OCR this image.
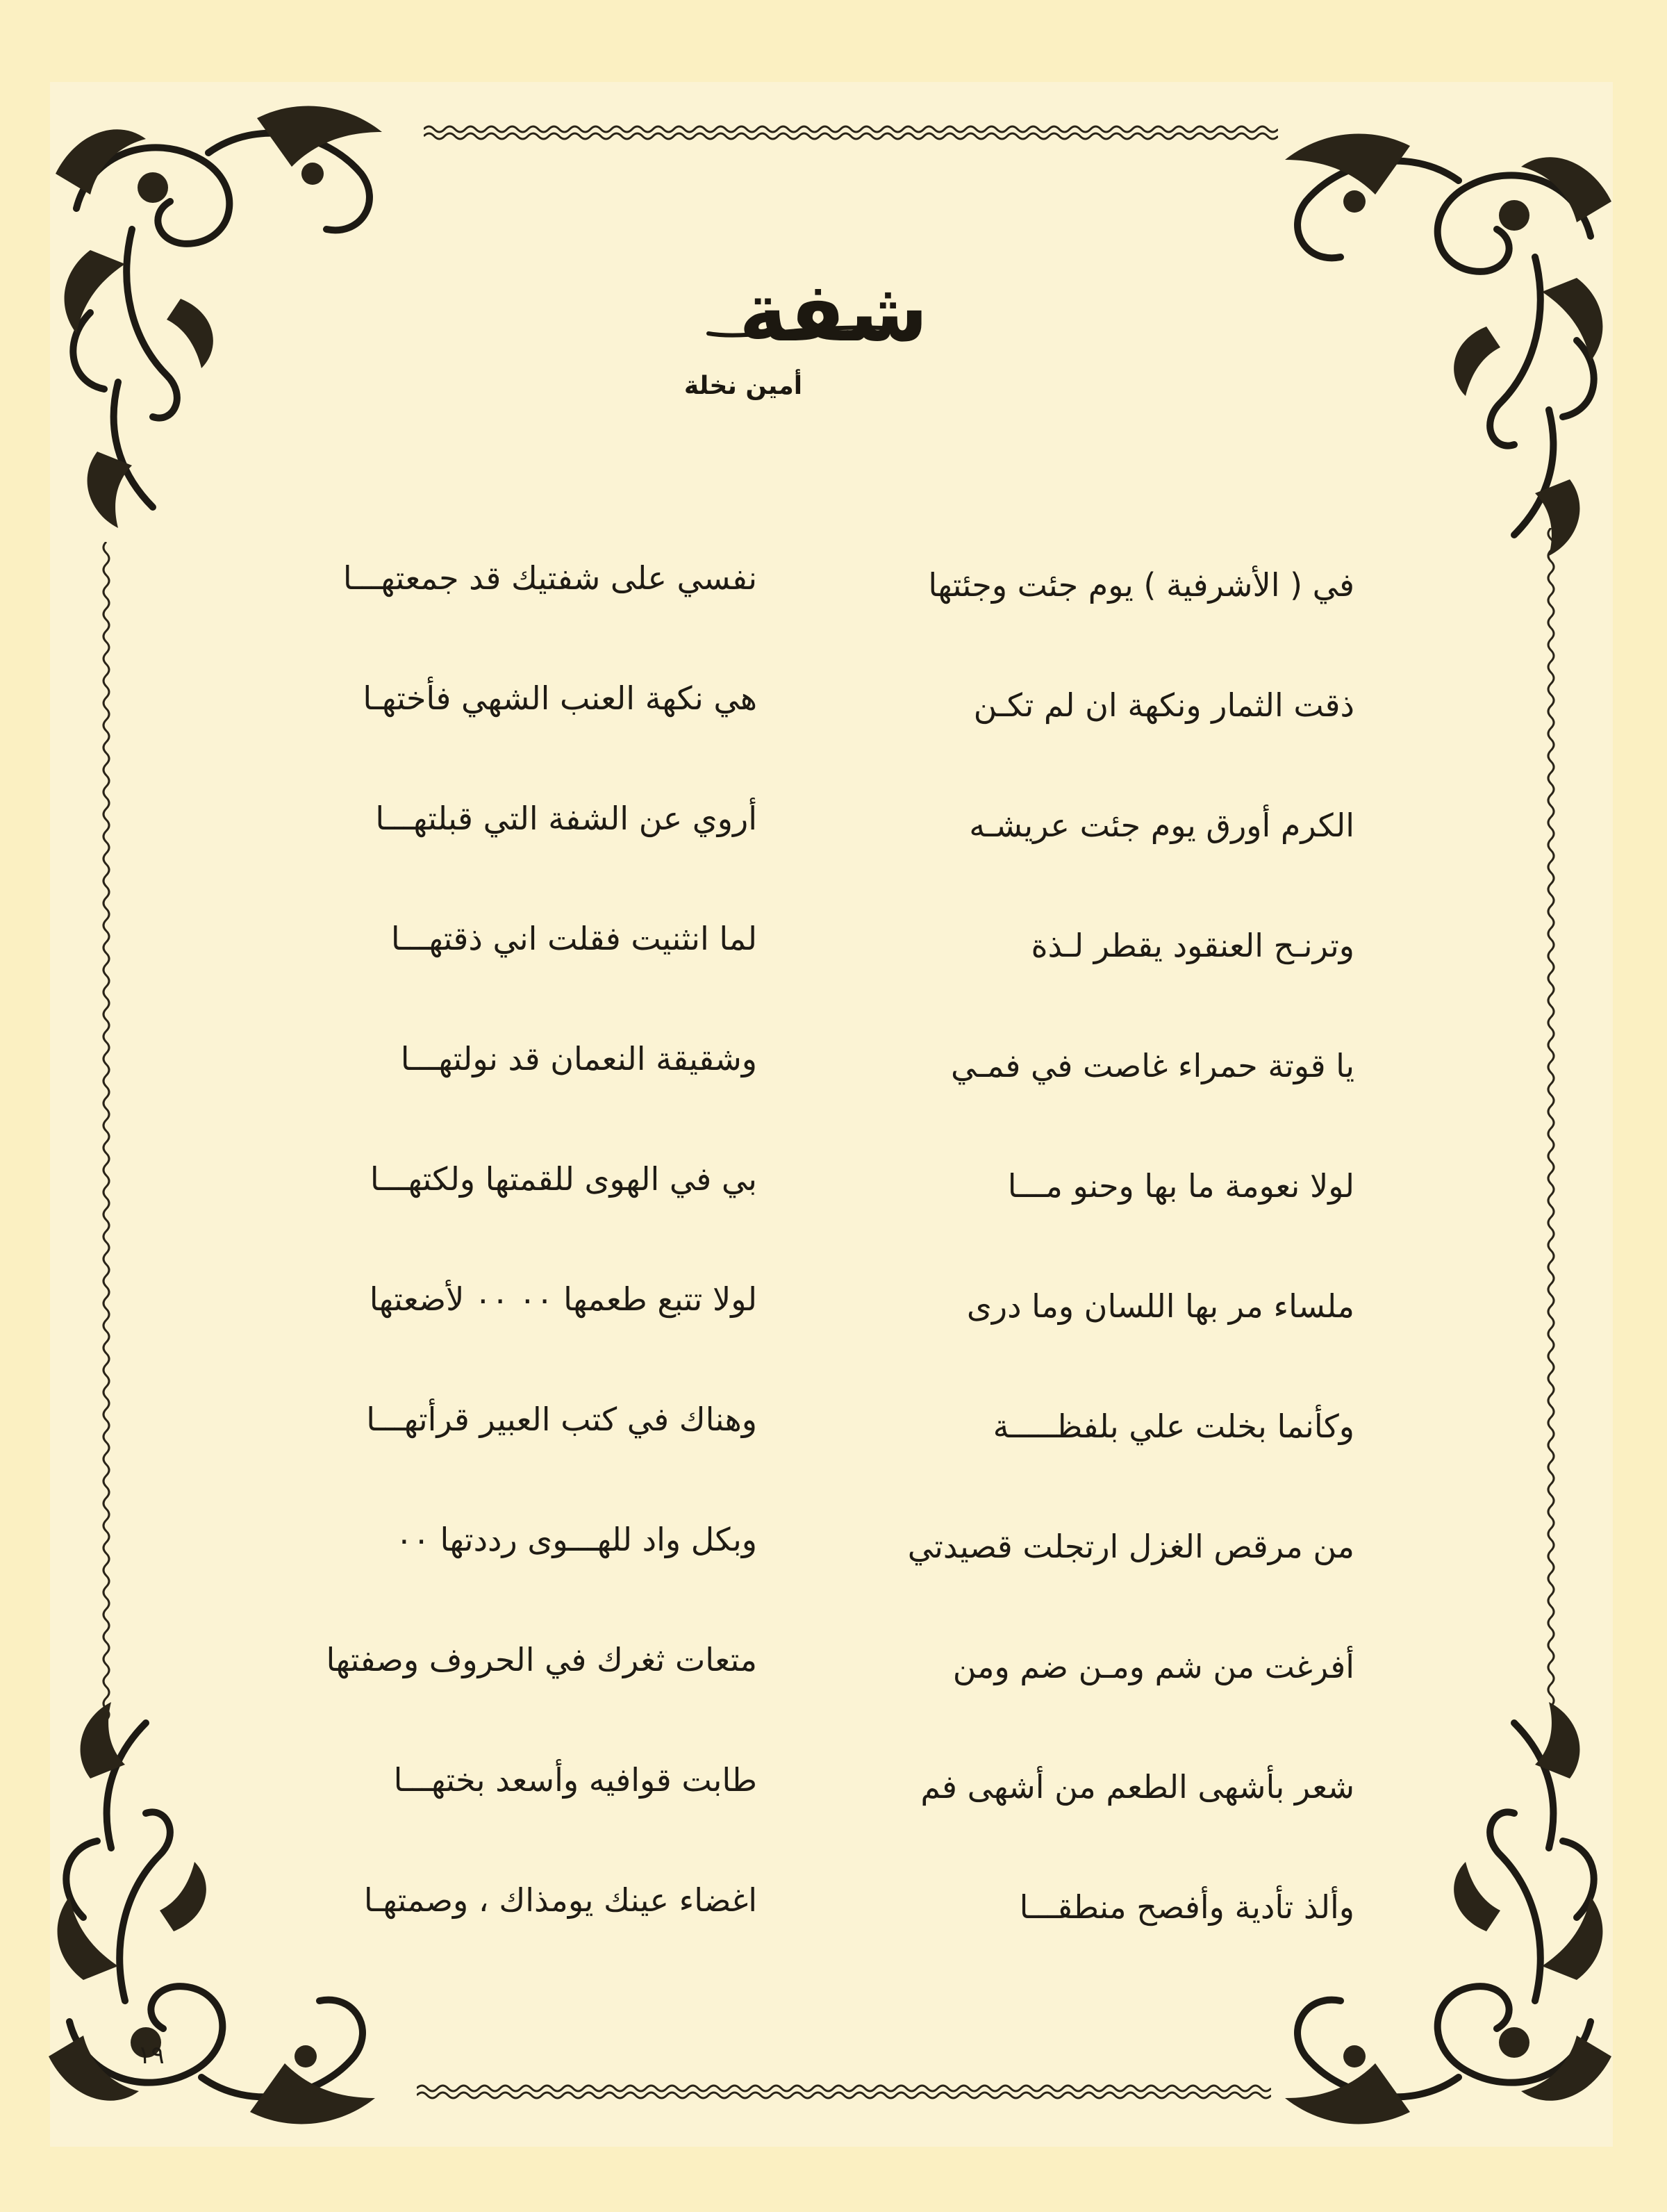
شفة
أمين نخلة
في ( الأشرفية ) يوم جئت وجئتها
نفسي على شفتيك قد جمعتهـــا
ذقت الثمار ونكهة ان لم تكـن
هي نكهة العنب الشهي فأختهـا
الكرم أورق يوم جئت عريشـه
أروي عن الشفة التي قبلتهـــا
وترنـح العنقود يقطر لـذة
لما انثنيت فقلت اني ذقتهـــا
يا قوتة حمراء غاصت في فمـي
وشقيقة النعمان قد نولتهـــا
لولا نعومة ما بها وحنو مـــا
بي في الهوى للقمتها ولكتهـــا
ملساء مر بها اللسان وما درى
لولا تتبع طعمها ٠٠ ٠٠ لأضعتها
وكأنما بخلت علي بلفظـــــة
وهناك في كتب العبير قرأتهـــا
من مرقص الغزل ارتجلت قصيدتي
وبكل واد للهـــوى رددتها ٠٠
أفرغت من شم ومـن ضم ومن
متعات ثغرك في الحروف وصفتها
شعر بأشهى الطعم من أشهى فم
طابت قوافيه وأسعد بختهـــا
وألذ تأدية وأفصح منطقـــا
اغضاء عينك يومذاك ، وصمتهـا
١٩
